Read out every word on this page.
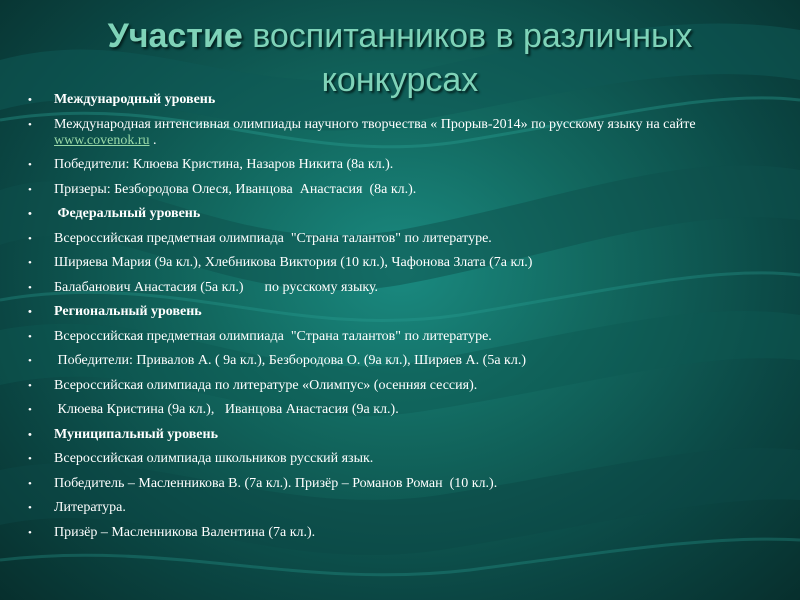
Участие воспитанников в различных
конкурсах
• Международный уровень
• Международная интенсивная олимпиады научного творчества « Прорыв-2014» по русскому языку на сайте www.covenok.ru .
• Победители: Клюева Кристина, Назаров Никита (8а кл.).
• Призеры: Безбородова Олеся, Иванцова  Анастасия  (8а кл.).
• Федеральный уровень
• Всероссийская предметная олимпиада  "Страна талантов" по литературе.
• Ширяева Мария (9а кл.), Хлебникова Виктория (10 кл.), Чафонова Злата (7а кл.)
• Балабанович Анастасия (5а кл.)      по русскому языку.
• Региональный уровень
• Всероссийская предметная олимпиада  "Страна талантов" по литературе.
• Победители: Привалов А. ( 9а кл.), Безбородова О. (9а кл.), Ширяев А. (5а кл.)
• Всероссийская олимпиада по литературе «Олимпус» (осенняя сессия).
• Клюева Кристина (9а кл.),   Иванцова Анастасия (9а кл.).
• Муниципальный уровень
• Всероссийская олимпиада школьников русский язык.
• Победитель – Масленникова В. (7а кл.). Призёр – Романов Роман  (10 кл.).
• Литература.
• Призёр – Масленникова Валентина (7а кл.).
